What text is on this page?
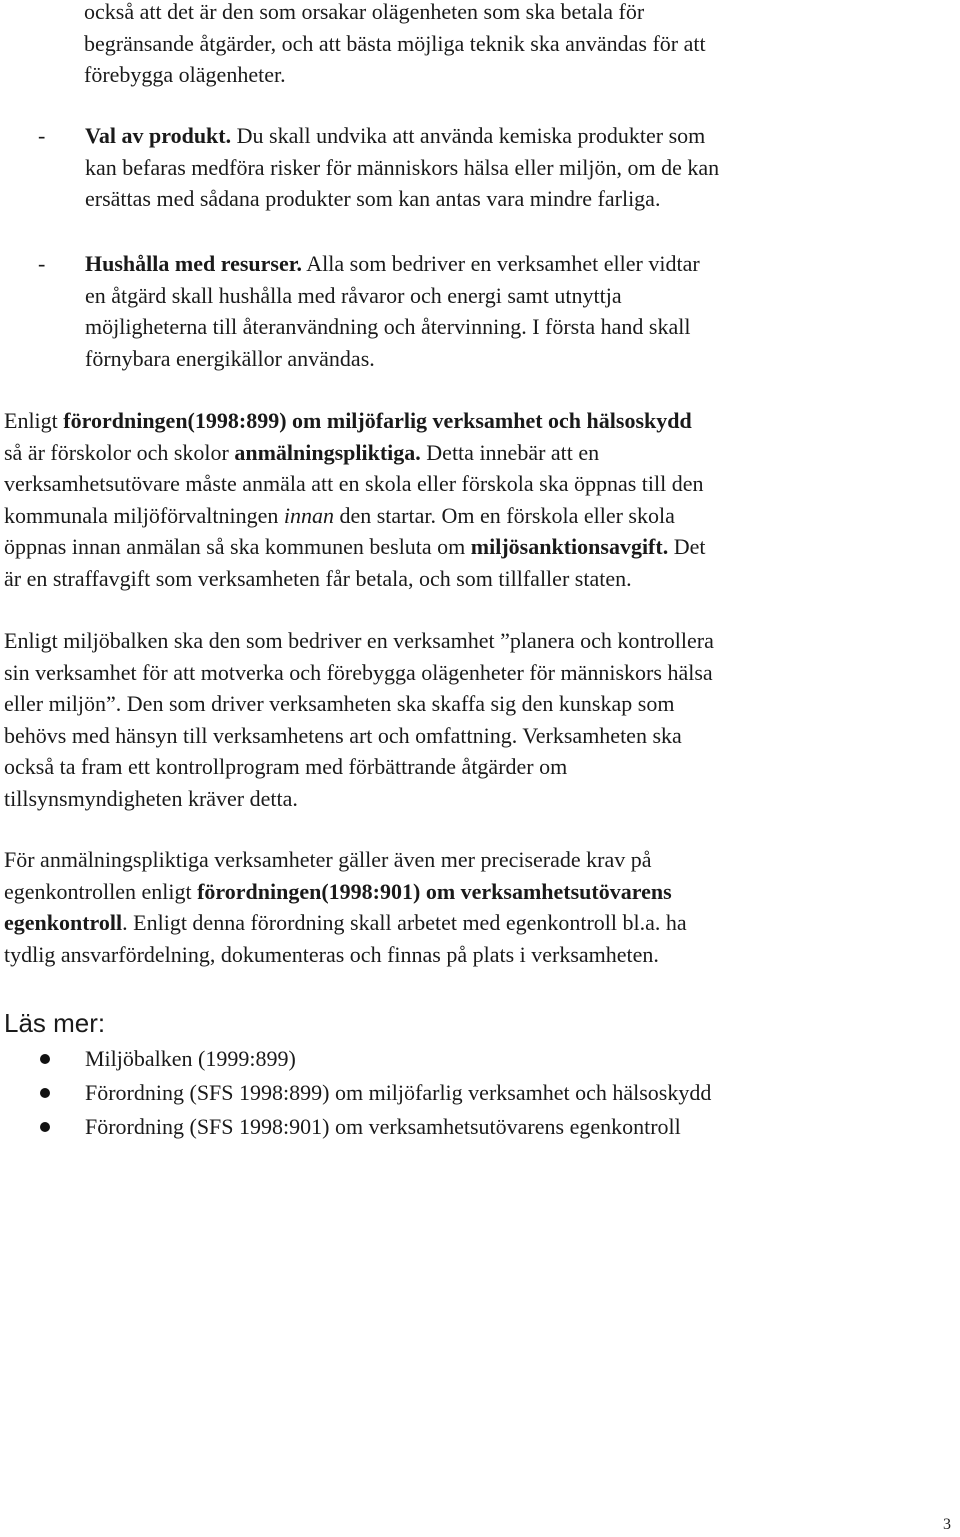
också att det är den som orsakar olägenheten som ska betala för
begränsande åtgärder, och att bästa möjliga teknik ska användas för att
förebygga olägenheter.
- Val av produkt. Du skall undvika att använda kemiska produkter som
kan befaras medföra risker för människors hälsa eller miljön, om de kan
ersättas med sådana produkter som kan antas vara mindre farliga.
- Hushålla med resurser. Alla som bedriver en verksamhet eller vidtar
en åtgärd skall hushålla med råvaror och energi samt utnyttja
möjligheterna till återanvändning och återvinning. I första hand skall
förnybara energikällor användas.
Enligt förordningen(1998:899) om miljöfarlig verksamhet och hälsoskydd
så är förskolor och skolor anmälningspliktiga. Detta innebär att en
verksamhetsutövare måste anmäla att en skola eller förskola ska öppnas till den
kommunala miljöförvaltningen innan den startar. Om en förskola eller skola
öppnas innan anmälan så ska kommunen besluta om miljösanktionsavgift. Det
är en straffavgift som verksamheten får betala, och som tillfaller staten.
Enligt miljöbalken ska den som bedriver en verksamhet ”planera och kontrollera
sin verksamhet för att motverka och förebygga olägenheter för människors hälsa
eller miljön”. Den som driver verksamheten ska skaffa sig den kunskap som
behövs med hänsyn till verksamhetens art och omfattning. Verksamheten ska
också ta fram ett kontrollprogram med förbättrande åtgärder om
tillsynsmyndigheten kräver detta.
För anmälningspliktiga verksamheter gäller även mer preciserade krav på
egenkontrollen enligt förordningen(1998:901) om verksamhetsutövarens
egenkontroll. Enligt denna förordning skall arbetet med egenkontroll bl.a. ha
tydlig ansvarfördelning, dokumenteras och finnas på plats i verksamheten.
Läs mer:
Miljöbalken (1999:899)
Förordning (SFS 1998:899) om miljöfarlig verksamhet och hälsoskydd
Förordning (SFS 1998:901) om verksamhetsutövarens egenkontroll
3
